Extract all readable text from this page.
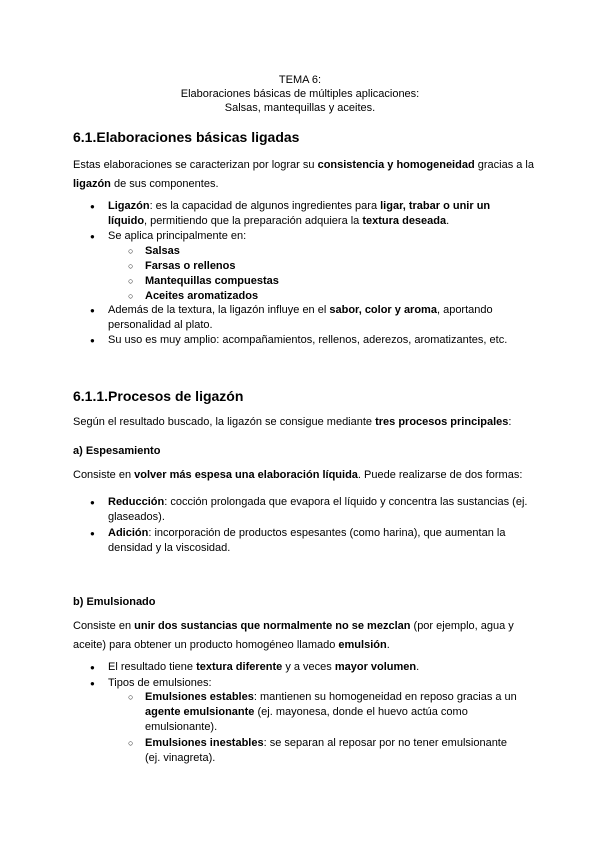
TEMA 6:
Elaboraciones básicas de múltiples aplicaciones:
Salsas, mantequillas y aceites.
6.1.Elaboraciones básicas ligadas
Estas elaboraciones se caracterizan por lograr su consistencia y homogeneidad gracias a la ligazón de sus componentes.
● Ligazón: es la capacidad de algunos ingredientes para ligar, trabar o unir un líquido, permitiendo que la preparación adquiera la textura deseada.
● Se aplica principalmente en:
○ Salsas
○ Farsas o rellenos
○ Mantequillas compuestas
○ Aceites aromatizados
● Además de la textura, la ligazón influye en el sabor, color y aroma, aportando personalidad al plato.
● Su uso es muy amplio: acompañamientos, rellenos, aderezos, aromatizantes, etc.
6.1.1.Procesos de ligazón
Según el resultado buscado, la ligazón se consigue mediante tres procesos principales:
a) Espesamiento
Consiste en volver más espesa una elaboración líquida. Puede realizarse de dos formas:
● Reducción: cocción prolongada que evapora el líquido y concentra las sustancias (ej. glaseados).
● Adición: incorporación de productos espesantes (como harina), que aumentan la densidad y la viscosidad.
b) Emulsionado
Consiste en unir dos sustancias que normalmente no se mezclan (por ejemplo, agua y aceite) para obtener un producto homogéneo llamado emulsión.
● El resultado tiene textura diferente y a veces mayor volumen.
● Tipos de emulsiones:
○ Emulsiones estables: mantienen su homogeneidad en reposo gracias a un agente emulsionante (ej. mayonesa, donde el huevo actúa como emulsionante).
○ Emulsiones inestables: se separan al reposar por no tener emulsionante (ej. vinagreta).
